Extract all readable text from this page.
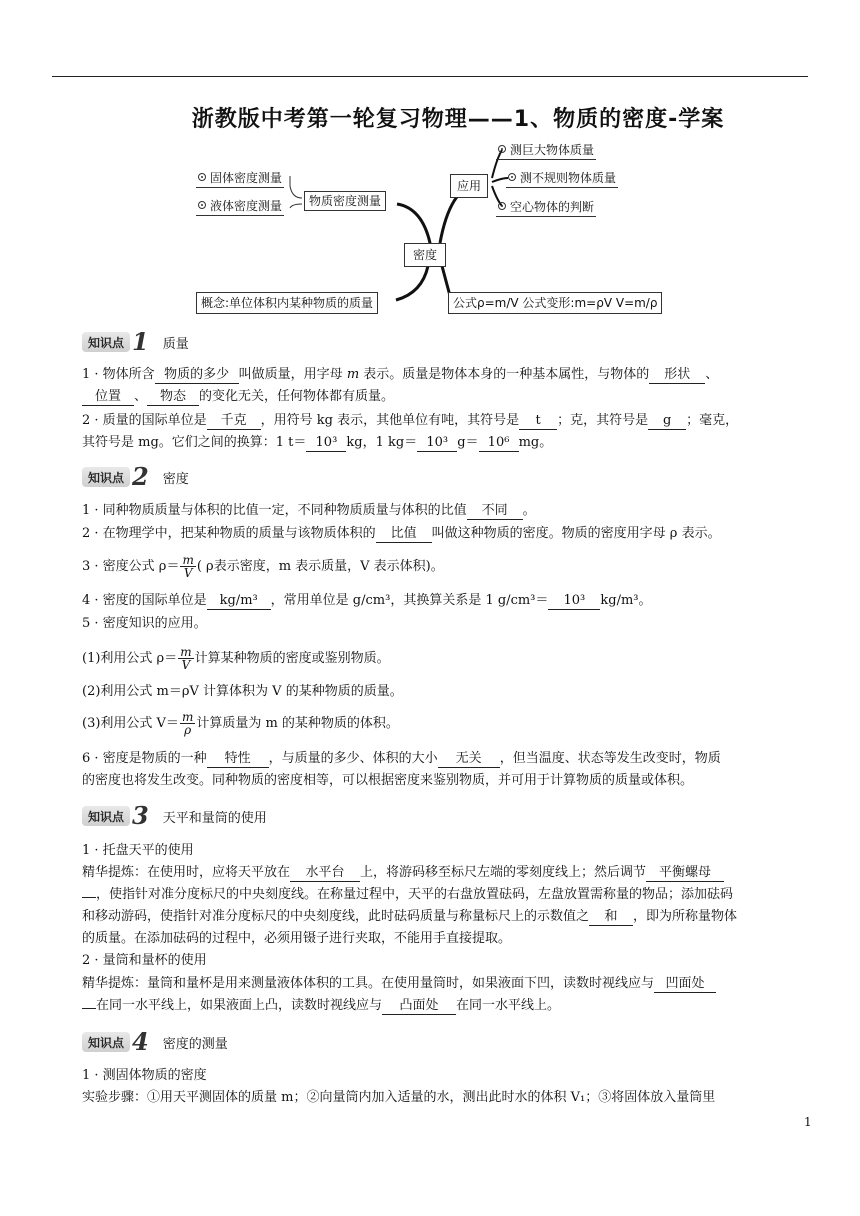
浙教版中考第一轮复习物理——1、物质的密度-学案
固体密度测量
液体密度测量	物质密度测量
密度
应用
测巨大物体质量
测不规则物体质量
空心物体的判断
概念:单位体积内某种物质的质量	公式ρ=m/V 公式变形:m=ρV V=m/ρ
知识点 1 质量
1 · 物体所含 物质的多少 叫做质量，用字母 m 表示。质量是物体本身的一种基本属性，与物体的 形状 、
位置 、 物态 的变化无关，任何物体都有质量。
2 · 质量的国际单位是 千克 ，用符号 kg 表示，其他单位有吨，其符号是 t ；克，其符号是 g ；毫克，
其符号是 mg。它们之间的换算：1 t＝ 10³ kg，1 kg＝ 10³ g＝ 10⁶ mg。
知识点 2 密度
1 · 同种物质质量与体积的比值一定，不同种物质质量与体积的比值 不同 。
2 · 在物理学中，把某种物质的质量与该物质体积的 比值 叫做这种物质的密度。物质的密度用字母 ρ 表示。
3 · 密度公式 $\rho= \frac{m}{V}$ ( ρ表示密度，m 表示质量，V 表示体积)。
4 · 密度的国际单位是 kg/m³ ，常用单位是 g/cm³，其换算关系是 1 g/cm³＝ 10³ kg/m³。
5 · 密度知识的应用。
(1)利用公式 $\rho= \frac{m}{V}$ 计算某种物质的密度或鉴别物质。
(2)利用公式 m＝ρV 计算体积为 V 的某种物质的质量。
(3)利用公式 $V= \frac{m}{\rho}$ 计算质量为 m 的某种物质的体积。
6 · 密度是物质的一种 特性 ，与质量的多少、体积的大小 无关 ，但当温度、状态等发生改变时，物质
的密度也将发生改变。同种物质的密度相等，可以根据密度来鉴别物质，并可用于计算物质的质量或体积。
知识点 3 天平和量筒的使用
1 · 托盘天平的使用
精华提炼：在使用时，应将天平放在 水平台 上，将游码移至标尺左端的零刻度线上；然后调节 平衡螺母
，使指针对准分度标尺的中央刻度线。在称量过程中，天平的右盘放置砝码，左盘放置需称量的物品；添加砝码
和移动游码，使指针对准分度标尺的中央刻度线，此时砝码质量与称量标尺上的示数值之 和 ，即为所称量物体
的质量。在添加砝码的过程中，必须用镊子进行夹取，不能用手直接提取。
2 · 量筒和量杯的使用
精华提炼：量筒和量杯是用来测量液体体积的工具。在使用量筒时，如果液面下凹，读数时视线应与 凹面处
在同一水平线上，如果液面上凸，读数时视线应与 凸面处 在同一水平线上。
知识点 4 密度的测量
1 · 测固体物质的密度
实验步骤：①用天平测固体的质量 m；②向量筒内加入适量的水，测出此时水的体积 V₁；③将固体放入量筒里
1
